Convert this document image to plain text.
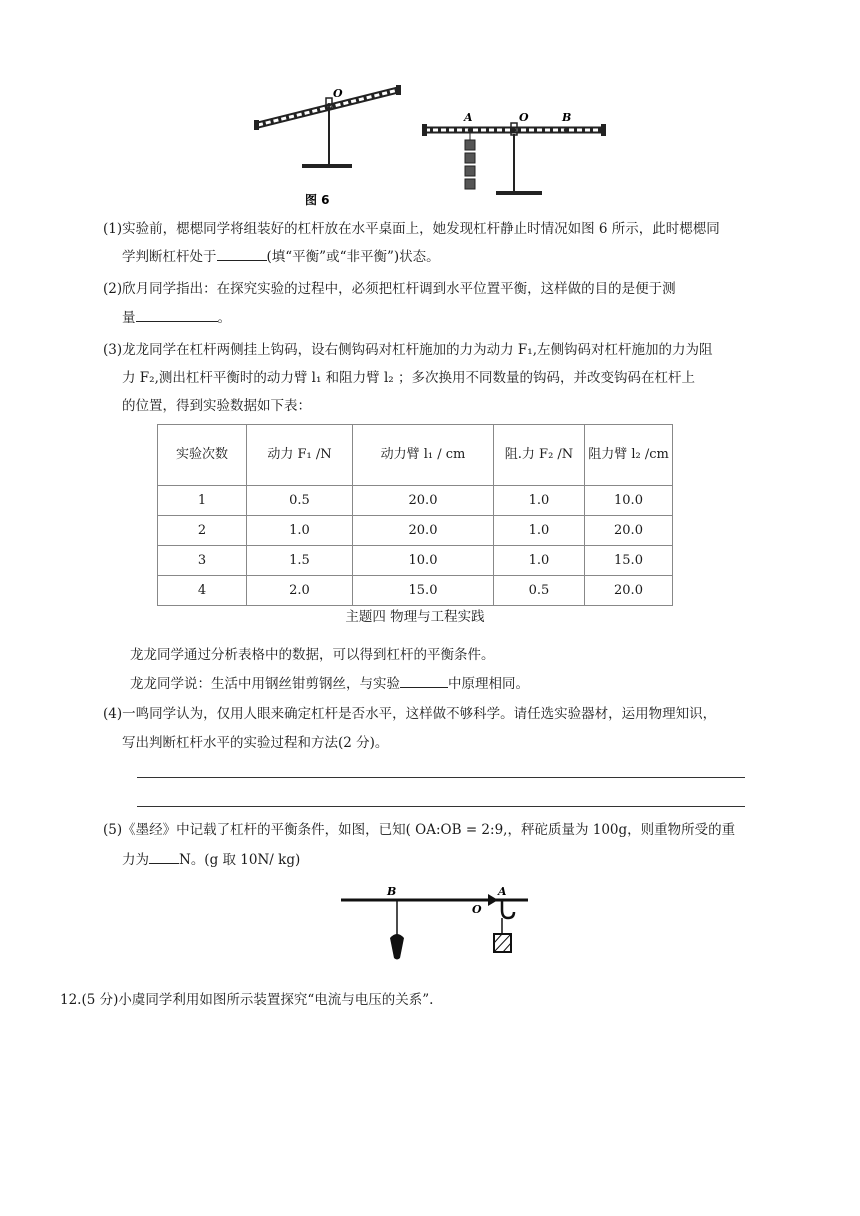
O
A	O	B
图 6
(1)实验前，楒楒同学将组装好的杠杆放在水平桌面上，她发现杠杆静止时情况如图 6 所示，此时楒楒同
学判断杠杆处于	(填“平衡”或“非平衡”)状态。
(2)欣月同学指出：在探究实验的过程中，必须把杠杆调到水平位置平衡，这样做的目的是便于测
量	。
(3)龙龙同学在杠杆两侧挂上钩码，设右侧钩码对杠杆施加的力为动力 F₁,左侧钩码对杠杆施加的力为阻
力 F₂,测出杠杆平衡时的动力臂 l₁ 和阻力臂 l₂ ；多次换用不同数量的钩码，并改变钩码在杠杆上
的位置，得到实验数据如下表：
实验次数	动力 F₁ /N	动力臂 l₁ / cm	阻.力 F₂ /N	阻力臂 l₂ /cm
1	0.5	20.0	1.0	10.0
2	1.0	20.0	1.0	20.0
3	1.5	10.0	1.0	15.0
4	2.0	15.0	0.5	20.0
主题四 物理与工程实践
龙龙同学通过分析表格中的数据，可以得到杠杆的平衡条件。
龙龙同学说：生活中用钢丝钳剪钢丝，与实验	中原理相同。
(4)一鸣同学认为，仅用人眼来确定杠杆是否水平，这样做不够科学。请任选实验器材，运用物理知识，
写出判断杠杆水平的实验过程和方法(2 分)。
(5)《墨经》中记载了杠杆的平衡条件，如图，已知( OA:OB = 2:9,，秤砣质量为 100g，则重物所受的重
力为 N。(g 取 10N/ kg)
B
O
A
12.(5 分)小虞同学利用如图所示装置探究“电流与电压的关系”.
